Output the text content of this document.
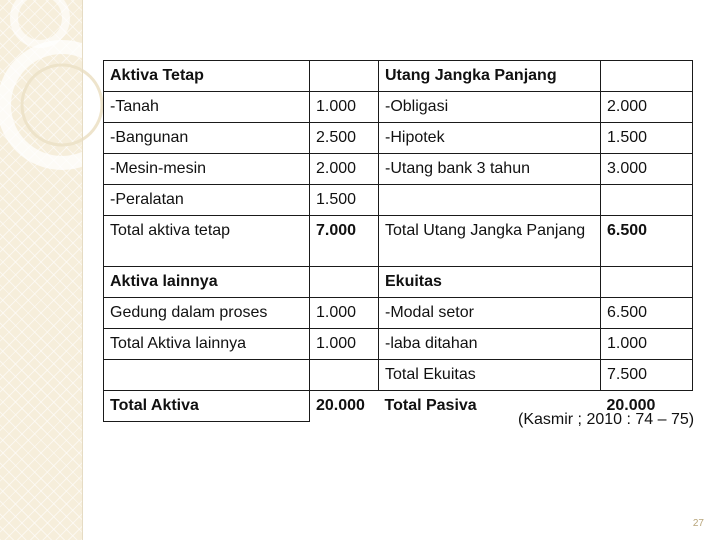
Aktiva Tetap		Utang Jangka Panjang	
-Tanah	1.000	-Obligasi	2.000
-Bangunan	2.500	-Hipotek	1.500
-Mesin-mesin	2.000	-Utang bank 3 tahun	3.000
-Peralatan	1.500		
Total aktiva tetap	7.000	Total Utang Jangka Panjang	6.500
Aktiva lainnya		Ekuitas	
Gedung dalam proses	1.000	-Modal setor	6.500
Total Aktiva lainnya	1.000	-laba ditahan	1.000
		Total Ekuitas	7.500
Total Aktiva	20.000	Total Pasiva	20.000
(Kasmir ; 2010 : 74 – 75)
27
